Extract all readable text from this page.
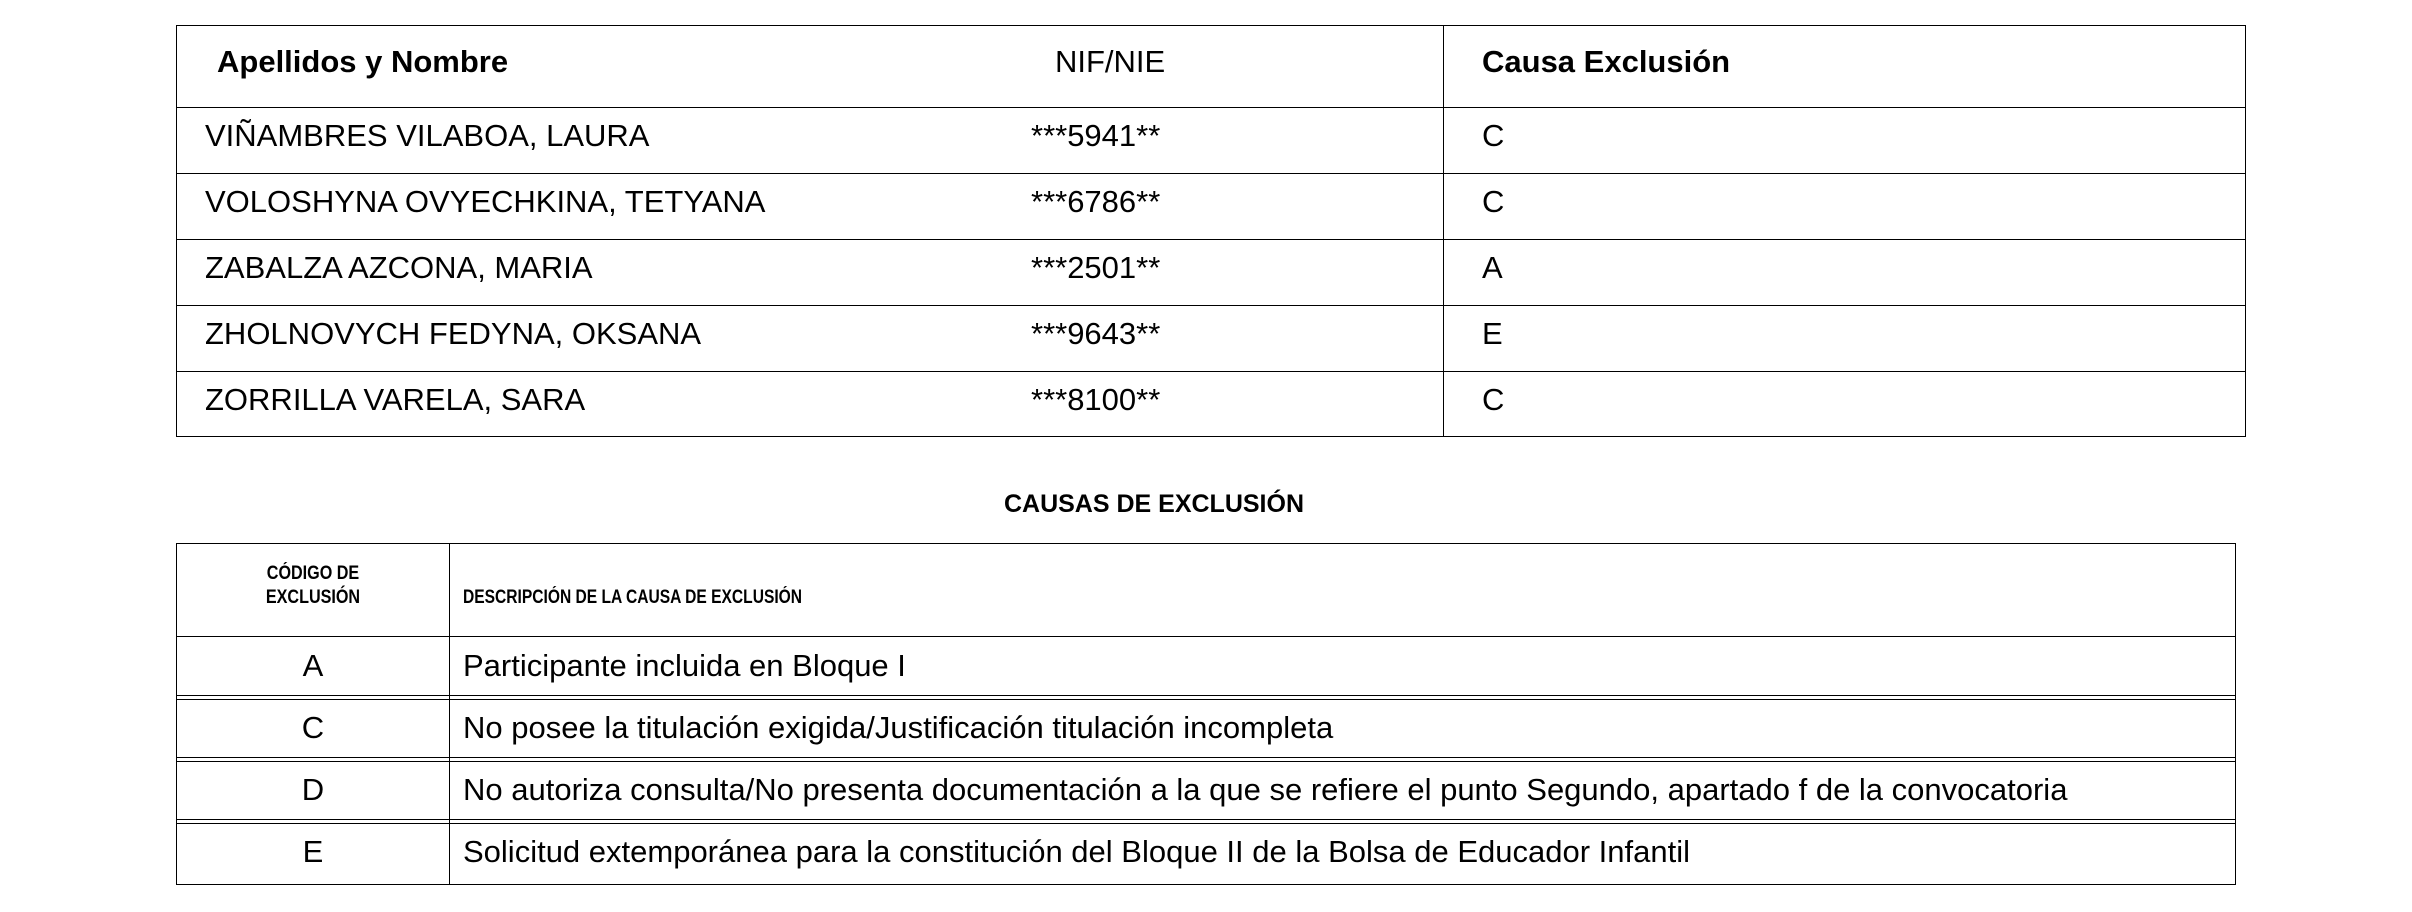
Apellidos y Nombre	NIF/NIE	Causa Exclusión
VIÑAMBRES VILABOA, LAURA	***5941**	C
VOLOSHYNA OVYECHKINA, TETYANA	***6786**	C
ZABALZA AZCONA, MARIA	***2501**	A
ZHOLNOVYCH FEDYNA, OKSANA	***9643**	E
ZORRILLA VARELA, SARA	***8100**	C
CAUSAS DE EXCLUSIÓN
CÓDIGO DE
EXCLUSIÓN	DESCRIPCIÓN DE LA CAUSA DE EXCLUSIÓN
A	Participante incluida en Bloque I
C	No posee la titulación exigida/Justificación titulación incompleta
D	No autoriza consulta/No presenta documentación a la que se refiere el punto Segundo, apartado f de la convocatoria
E	Solicitud extemporánea para la constitución del Bloque II de la Bolsa de Educador Infantil
